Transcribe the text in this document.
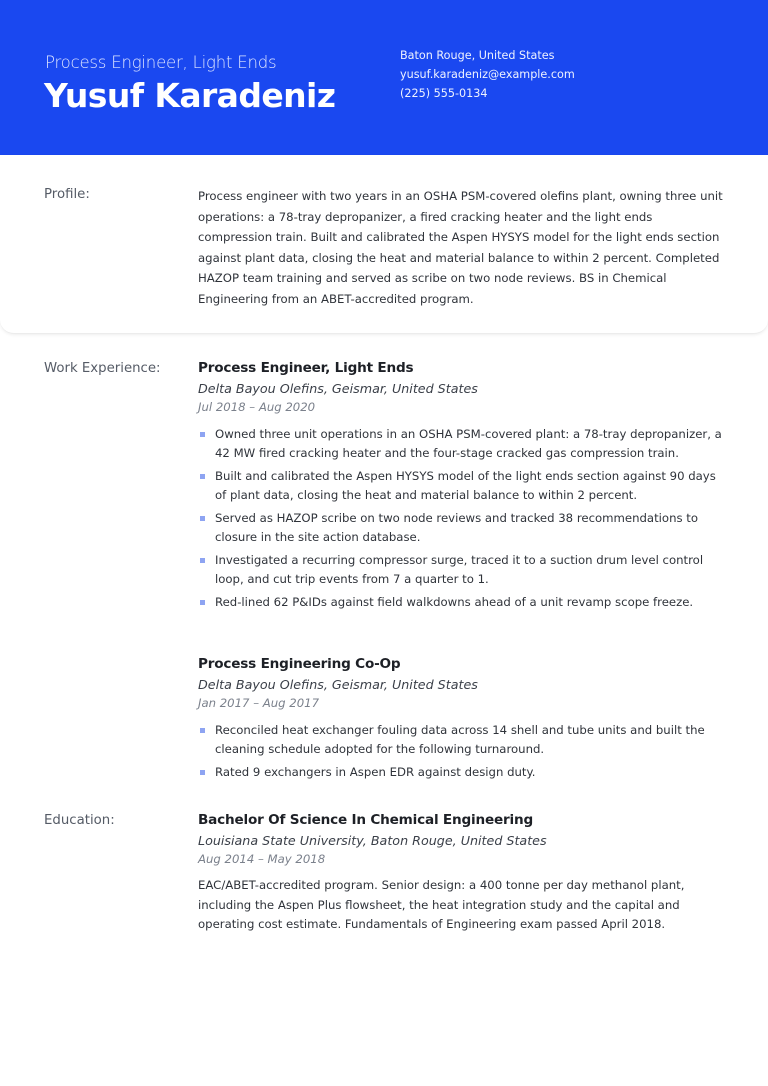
Process Engineer, Light Ends
Yusuf Karadeniz
Baton Rouge, United States
yusuf.karadeniz@example.com
(225) 555-0134
Profile:	Process engineer with two years in an OSHA PSM-covered olefins plant, owning three unit operations: a 78-tray depropanizer, a fired cracking heater and the light ends compression train. Built and calibrated the Aspen HYSYS model for the light ends section against plant data, closing the heat and material balance to within 2 percent. Completed HAZOP team training and served as scribe on two node reviews. BS in Chemical Engineering from an ABET-accredited program.
Work Experience:	Process Engineer, Light Ends
Delta Bayou Olefins, Geismar, United States
Jul 2018 – Aug 2020
Owned three unit operations in an OSHA PSM-covered plant: a 78-tray depropanizer, a 42 MW fired cracking heater and the four-stage cracked gas compression train.
Built and calibrated the Aspen HYSYS model of the light ends section against 90 days of plant data, closing the heat and material balance to within 2 percent.
Served as HAZOP scribe on two node reviews and tracked 38 recommendations to closure in the site action database.
Investigated a recurring compressor surge, traced it to a suction drum level control loop, and cut trip events from 7 a quarter to 1.
Red-lined 62 P&IDs against field walkdowns ahead of a unit revamp scope freeze.
Process Engineering Co-Op
Delta Bayou Olefins, Geismar, United States
Jan 2017 – Aug 2017
Reconciled heat exchanger fouling data across 14 shell and tube units and built the cleaning schedule adopted for the following turnaround.
Rated 9 exchangers in Aspen EDR against design duty.
Education:	Bachelor Of Science In Chemical Engineering
Louisiana State University, Baton Rouge, United States
Aug 2014 – May 2018
EAC/ABET-accredited program. Senior design: a 400 tonne per day methanol plant, including the Aspen Plus flowsheet, the heat integration study and the capital and operating cost estimate. Fundamentals of Engineering exam passed April 2018.
